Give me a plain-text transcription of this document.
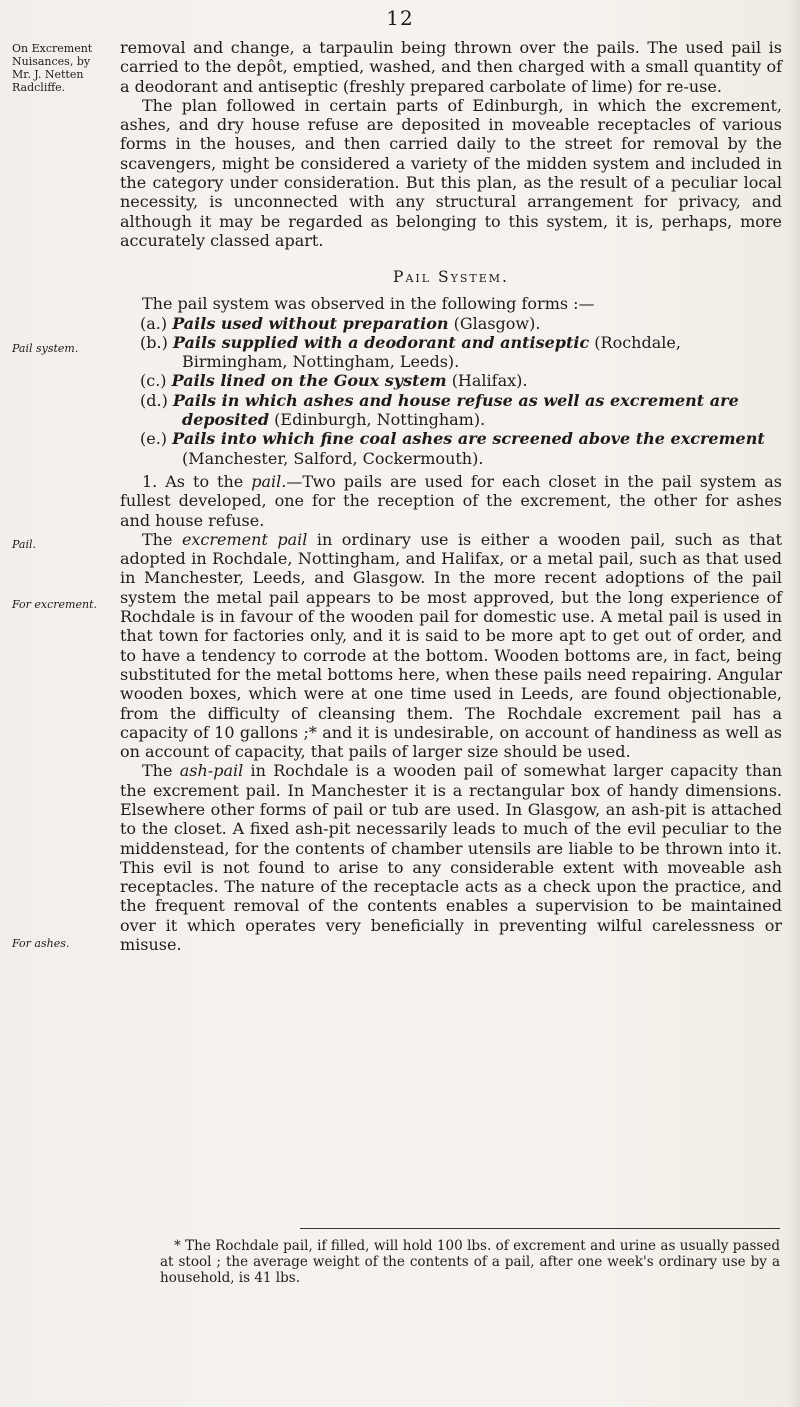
12
On Excrement Nuisances, by Mr. J. Netten Radcliffe.
Pail system.
Pail.
For excrement.
For ashes.

removal and change, a tarpaulin being thrown over the pails. The used pail is carried to the depôt, emptied, washed, and then charged with a small quantity of a deodorant and antiseptic (freshly prepared carbolate of lime) for re-use.

The plan followed in certain parts of Edinburgh, in which the excrement, ashes, and dry house refuse are deposited in moveable receptacles of various forms in the houses, and then carried daily to the street for removal by the scavengers, might be considered a variety of the midden system and included in the category under consideration. But this plan, as the result of a peculiar local necessity, is unconnected with any structural arrangement for privacy, and although it may be regarded as belonging to this system, it is, perhaps, more accurately classed apart.

Pail System.

The pail system was observed in the following forms :—

(a.) Pails used without preparation (Glasgow).
(b.) Pails supplied with a deodorant and antiseptic (Rochdale, Birmingham, Nottingham, Leeds).
(c.) Pails lined on the Goux system (Halifax).
(d.) Pails in which ashes and house refuse as well as excrement are deposited (Edinburgh, Nottingham).
(e.) Pails into which fine coal ashes are screened above the excrement (Manchester, Salford, Cockermouth).

1. As to the pail.—Two pails are used for each closet in the pail system as fullest developed, one for the reception of the excrement, the other for ashes and house refuse.

The excrement pail in ordinary use is either a wooden pail, such as that adopted in Rochdale, Nottingham, and Halifax, or a metal pail, such as that used in Manchester, Leeds, and Glasgow. In the more recent adoptions of the pail system the metal pail appears to be most approved, but the long experience of Rochdale is in favour of the wooden pail for domestic use. A metal pail is used in that town for factories only, and it is said to be more apt to get out of order, and to have a tendency to corrode at the bottom. Wooden bottoms are, in fact, being substituted for the metal bottoms here, when these pails need repairing. Angular wooden boxes, which were at one time used in Leeds, are found objectionable, from the difficulty of cleansing them. The Rochdale excrement pail has a capacity of 10 gallons ;* and it is undesirable, on account of handiness as well as on account of capacity, that pails of larger size should be used.

The ash-pail in Rochdale is a wooden pail of somewhat larger capacity than the excrement pail. In Manchester it is a rectangular box of handy dimensions. Elsewhere other forms of pail or tub are used. In Glasgow, an ash-pit is attached to the closet. A fixed ash-pit necessarily leads to much of the evil peculiar to the middenstead, for the contents of chamber utensils are liable to be thrown into it. This evil is not found to arise to any considerable extent with moveable ash receptacles. The nature of the receptacle acts as a check upon the practice, and the frequent removal of the contents enables a supervision to be maintained over it which operates very beneficially in preventing wilful carelessness or misuse.

* The Rochdale pail, if filled, will hold 100 lbs. of excrement and urine as usually passed at stool ; the average weight of the contents of a pail, after one week's ordinary use by a household, is 41 lbs.
